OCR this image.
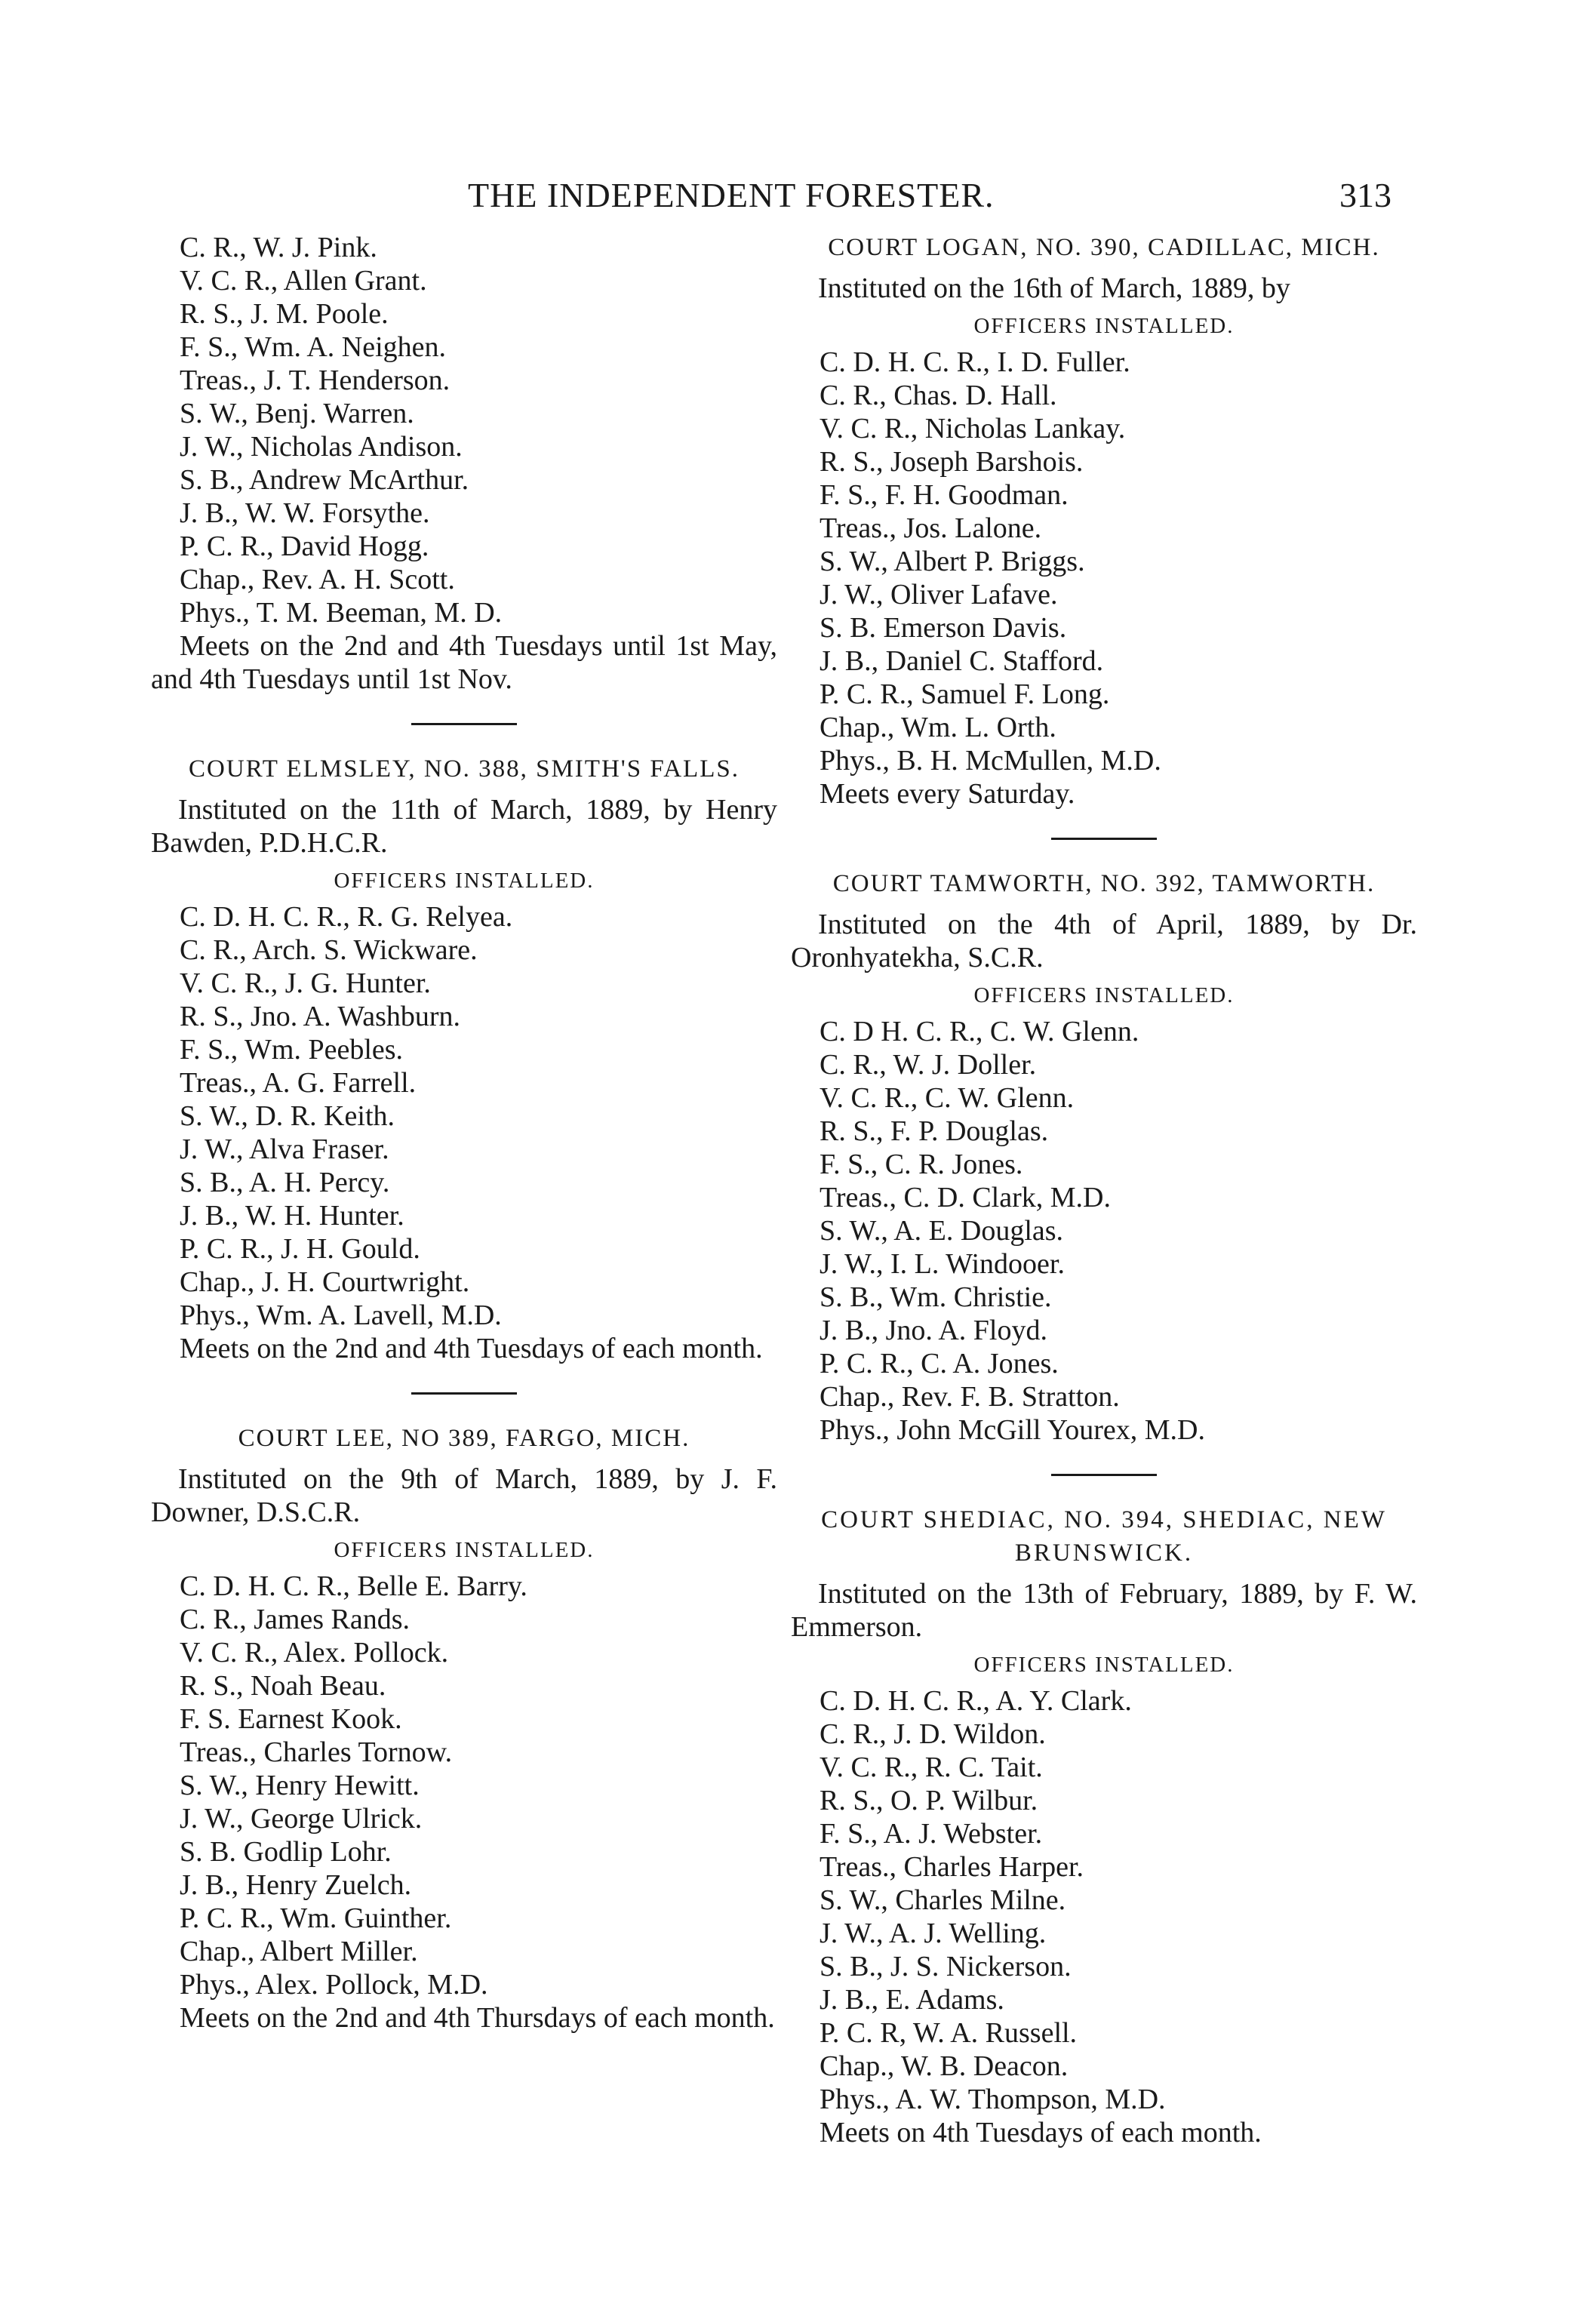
THE INDEPENDENT FORESTER.	313
C. R., W. J. Pink.
V. C. R., Allen Grant.
R. S., J. M. Poole.
F. S., Wm. A. Neighen.
Treas., J. T. Henderson.
S. W., Benj. Warren.
J. W., Nicholas Andison.
S. B., Andrew McArthur.
J. B., W. W. Forsythe.
P. C. R., David Hogg.
Chap., Rev. A. H. Scott.
Phys., T. M. Beeman, M. D.

Meets on the 2nd and 4th Tuesdays until 1st May, and 4th Tuesdays until 1st Nov.

COURT ELMSLEY, NO. 388, SMITH'S FALLS.

Instituted on the 11th of March, 1889, by Henry Bawden, P.D.H.C.R.

OFFICERS INSTALLED.

C. D. H. C. R., R. G. Relyea.
C. R., Arch. S. Wickware.
V. C. R., J. G. Hunter.
R. S., Jno. A. Washburn.
F. S., Wm. Peebles.
Treas., A. G. Farrell.
S. W., D. R. Keith.
J. W., Alva Fraser.
S. B., A. H. Percy.
J. B., W. H. Hunter.
P. C. R., J. H. Gould.
Chap., J. H. Courtwright.
Phys., Wm. A. Lavell, M.D.

Meets on the 2nd and 4th Tuesdays of each month.

COURT LEE, NO 389, FARGO, MICH.

Instituted on the 9th of March, 1889, by J. F. Downer, D.S.C.R.

OFFICERS INSTALLED.

C. D. H. C. R., Belle E. Barry.
C. R., James Rands.
V. C. R., Alex. Pollock.
R. S., Noah Beau.
F. S. Earnest Kook.
Treas., Charles Tornow.
S. W., Henry Hewitt.
J. W., George Ulrick.
S. B. Godlip Lohr.
J. B., Henry Zuelch.
P. C. R., Wm. Guinther.
Chap., Albert Miller.
Phys., Alex. Pollock, M.D.

Meets on the 2nd and 4th Thursdays of each month.

COURT LOGAN, NO. 390, CADILLAC, MICH.

Instituted on the 16th of March, 1889, by

OFFICERS INSTALLED.

C. D. H. C. R., I. D. Fuller.
C. R., Chas. D. Hall.
V. C. R., Nicholas Lankay.
R. S., Joseph Barshois.
F. S., F. H. Goodman.
Treas., Jos. Lalone.
S. W., Albert P. Briggs.
J. W., Oliver Lafave.
S. B. Emerson Davis.
J. B., Daniel C. Stafford.
P. C. R., Samuel F. Long.
Chap., Wm. L. Orth.
Phys., B. H. McMullen, M.D.
Meets every Saturday.

COURT TAMWORTH, NO. 392, TAMWORTH.

Instituted on the 4th of April, 1889, by Dr. Oronhyatekha, S.C.R.

OFFICERS INSTALLED.

C. D H. C. R., C. W. Glenn.
C. R., W. J. Doller.
V. C. R., C. W. Glenn.
R. S., F. P. Douglas.
F. S., C. R. Jones.
Treas., C. D. Clark, M.D.
S. W., A. E. Douglas.
J. W., I. L. Windooer.
S. B., Wm. Christie.
J. B., Jno. A. Floyd.
P. C. R., C. A. Jones.
Chap., Rev. F. B. Stratton.
Phys., John McGill Yourex, M.D.

COURT SHEDIAC, NO. 394, SHEDIAC, NEW BRUNSWICK.

Instituted on the 13th of February, 1889, by F. W. Emmerson.

OFFICERS INSTALLED.

C. D. H. C. R., A. Y. Clark.
C. R., J. D. Wildon.
V. C. R., R. C. Tait.
R. S., O. P. Wilbur.
F. S., A. J. Webster.
Treas., Charles Harper.
S. W., Charles Milne.
J. W., A. J. Welling.
S. B., J. S. Nickerson.
J. B., E. Adams.
P. C. R, W. A. Russell.
Chap., W. B. Deacon.
Phys., A. W. Thompson, M.D.
Meets on 4th Tuesdays of each month.
